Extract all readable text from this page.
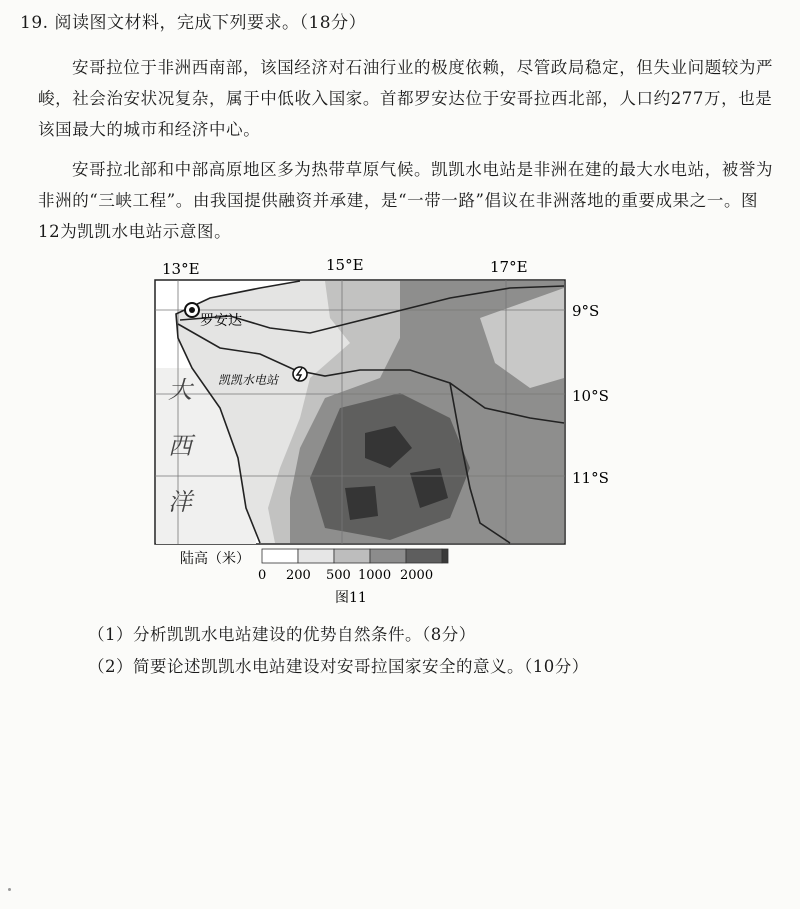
19. 阅读图文材料，完成下列要求。（18分）

安哥拉位于非洲西南部，该国经济对石油行业的极度依赖，尽管政局稳定，但失业问题较为严峻，社会治安状况复杂，属于中低收入国家。首都罗安达位于安哥拉西北部，人口约277万，也是该国最大的城市和经济中心。

安哥拉北部和中部高原地区多为热带草原气候。凯凯水电站是非洲在建的最大水电站，被誉为非洲的“三峡工程”。由我国提供融资并承建，是“一带一路”倡议在非洲落地的重要成果之一。图12为凯凯水电站示意图。

13°E	15°E	17°E
罗安达
凯凯水电站
9°S
10°S
11°S
大
西
洋
陆高（米）
0 200 500 1000 2000
图11
（1）分析凯凯水电站建设的优势自然条件。（8分）
（2）简要论述凯凯水电站建设对安哥拉国家安全的意义。（10分）
